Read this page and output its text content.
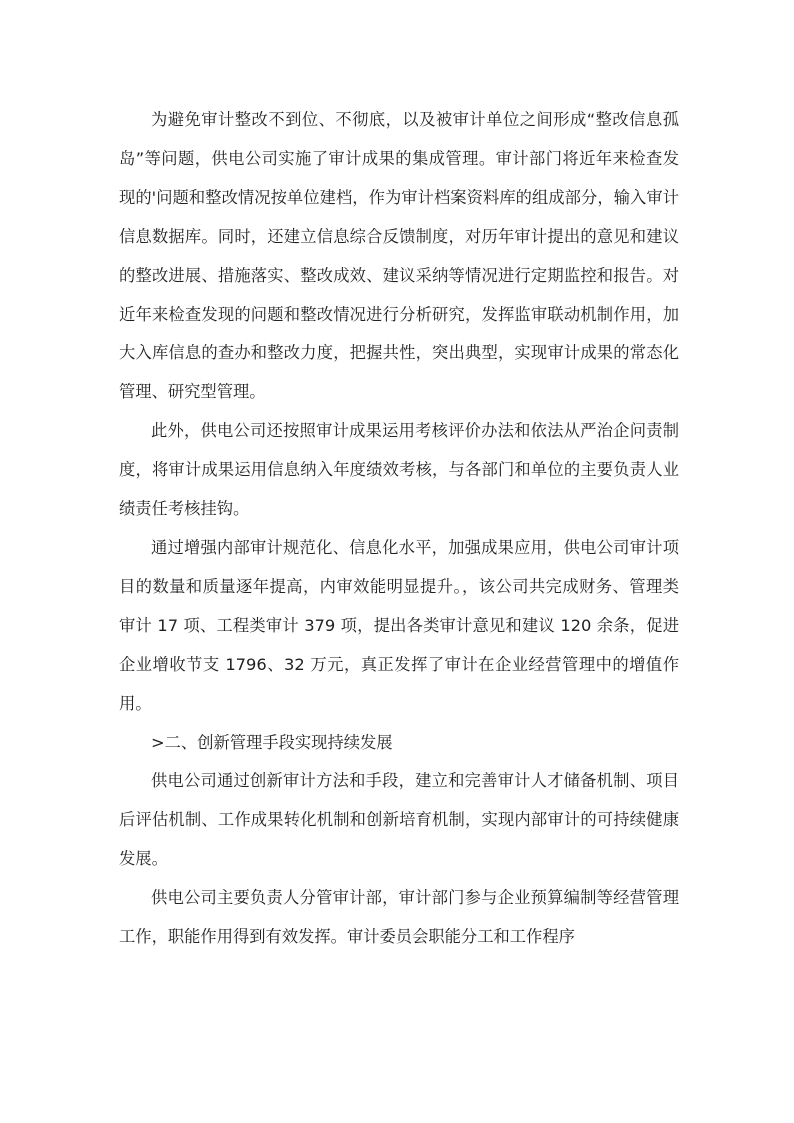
为避免审计整改不到位、不彻底，以及被审计单位之间形成“整改信息孤岛”等问题，供电公司实施了审计成果的集成管理。审计部门将近年来检查发现的'问题和整改情况按单位建档，作为审计档案资料库的组成部分，输入审计信息数据库。同时，还建立信息综合反馈制度，对历年审计提出的意见和建议的整改进展、措施落实、整改成效、建议采纳等情况进行定期监控和报告。对近年来检查发现的问题和整改情况进行分析研究，发挥监审联动机制作用，加大入库信息的查办和整改力度，把握共性，突出典型，实现审计成果的常态化管理、研究型管理。

此外，供电公司还按照审计成果运用考核评价办法和依法从严治企问责制度，将审计成果运用信息纳入年度绩效考核，与各部门和单位的主要负责人业绩责任考核挂钩。

通过增强内部审计规范化、信息化水平，加强成果应用，供电公司审计项目的数量和质量逐年提高，内审效能明显提升。，该公司共完成财务、管理类审计 17 项、工程类审计 379 项，提出各类审计意见和建议 120 余条，促进企业增收节支 1796、32 万元，真正发挥了审计在企业经营管理中的增值作用。

>二、创新管理手段实现持续发展

供电公司通过创新审计方法和手段，建立和完善审计人才储备机制、项目后评估机制、工作成果转化机制和创新培育机制，实现内部审计的可持续健康发展。

供电公司主要负责人分管审计部，审计部门参与企业预算编制等经营管理工作，职能作用得到有效发挥。审计委员会职能分工和工作程序
